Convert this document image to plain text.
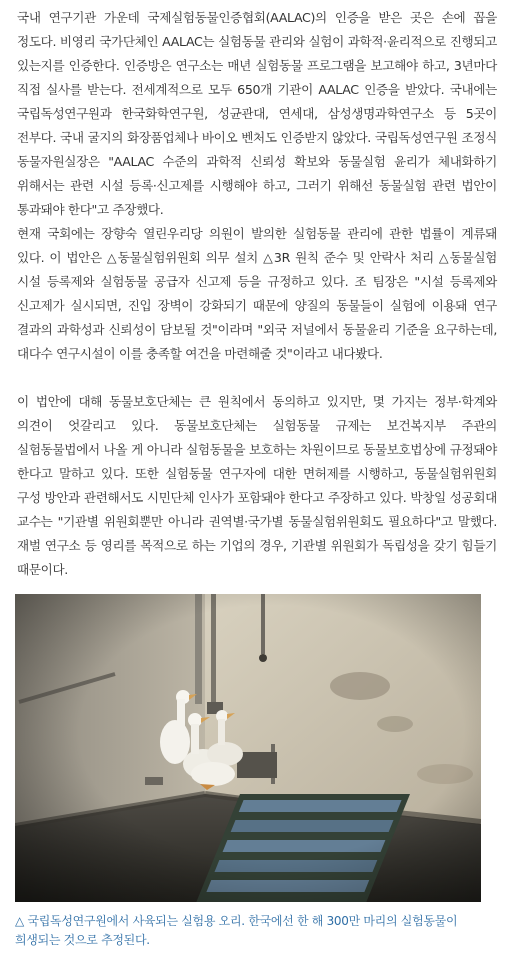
국내 연구기관 가운데 국제실험동물인증협회(AALAC)의 인증을 받은 곳은 손에 꼽을 정도다. 비영리 국가단체인 AALAC는 실험동물 관리와 실험이 과학적·윤리적으로 진행되고 있는지를 인증한다. 인증방은 연구소는 매년 실험동물 프로그램을 보고해야 하고, 3년마다 직접 실사를 받는다. 전세계적으로 모두 650개 기관이 AALAC 인증을 받았다. 국내에는 국립독성연구원과 한국화학연구원, 성균관대, 연세대, 삼성생명과학연구소 등 5곳이 전부다. 국내 굴지의 화장품업체나 바이오 벤처도 인증받지 않았다. 국립독성연구원 조정식 동물자원실장은 "AALAC 수준의 과학적 신뢰성 확보와 동물실험 윤리가 체내화하기 위해서는 관련 시설 등록·신고제를 시행해야 하고, 그러기 위해선 동물실험 관련 법안이 통과돼야 한다"고 주장했다.

현재 국회에는 장향숙 열린우리당 의원이 발의한 실험동물 관리에 관한 법률이 계류돼 있다. 이 법안은 △동물실험위원회 의무 설치 △3R 원칙 준수 및 안락사 처리 △동물실험 시설 등록제와 실험동물 공급자 신고제 등을 규정하고 있다. 조 팀장은 "시설 등록제와 신고제가 실시되면, 진입 장벽이 강화되기 때문에 양질의 동물들이 실험에 이용돼 연구 결과의 과학성과 신뢰성이 담보될 것"이라며 "외국 저널에서 동물윤리 기준을 요구하는데, 대다수 연구시설이 이를 충족할 여건을 마련해줄 것"이라고 내다봤다.

이 법안에 대해 동물보호단체는 큰 원칙에서 동의하고 있지만, 몇 가지는 정부·학계와 의견이 엇갈리고 있다. 동물보호단체는 실험동물 규제는 보건복지부 주관의 실험동물법에서 나올 게 아니라 실험동물을 보호하는 차원이므로 동물보호법상에 규정돼야 한다고 말하고 있다. 또한 실험동물 연구자에 대한 면허제를 시행하고, 동물실험위원회 구성 방안과 관련해서도 시민단체 인사가 포함돼야 한다고 주장하고 있다. 박창일 성공회대 교수는 "기관별 위원회뿐만 아니라 권역별·국가별 동물실험위원회도 필요하다"고 말했다. 재벌 연구소 등 영리를 목적으로 하는 기업의 경우, 기관별 위원회가 독립성을 갖기 힘들기 때문이다.

△ 국립독성연구원에서 사육되는 실험용 오리. 한국에선 한 해 300만 마리의 실험동물이 희생되는 것으로 추정된다.
